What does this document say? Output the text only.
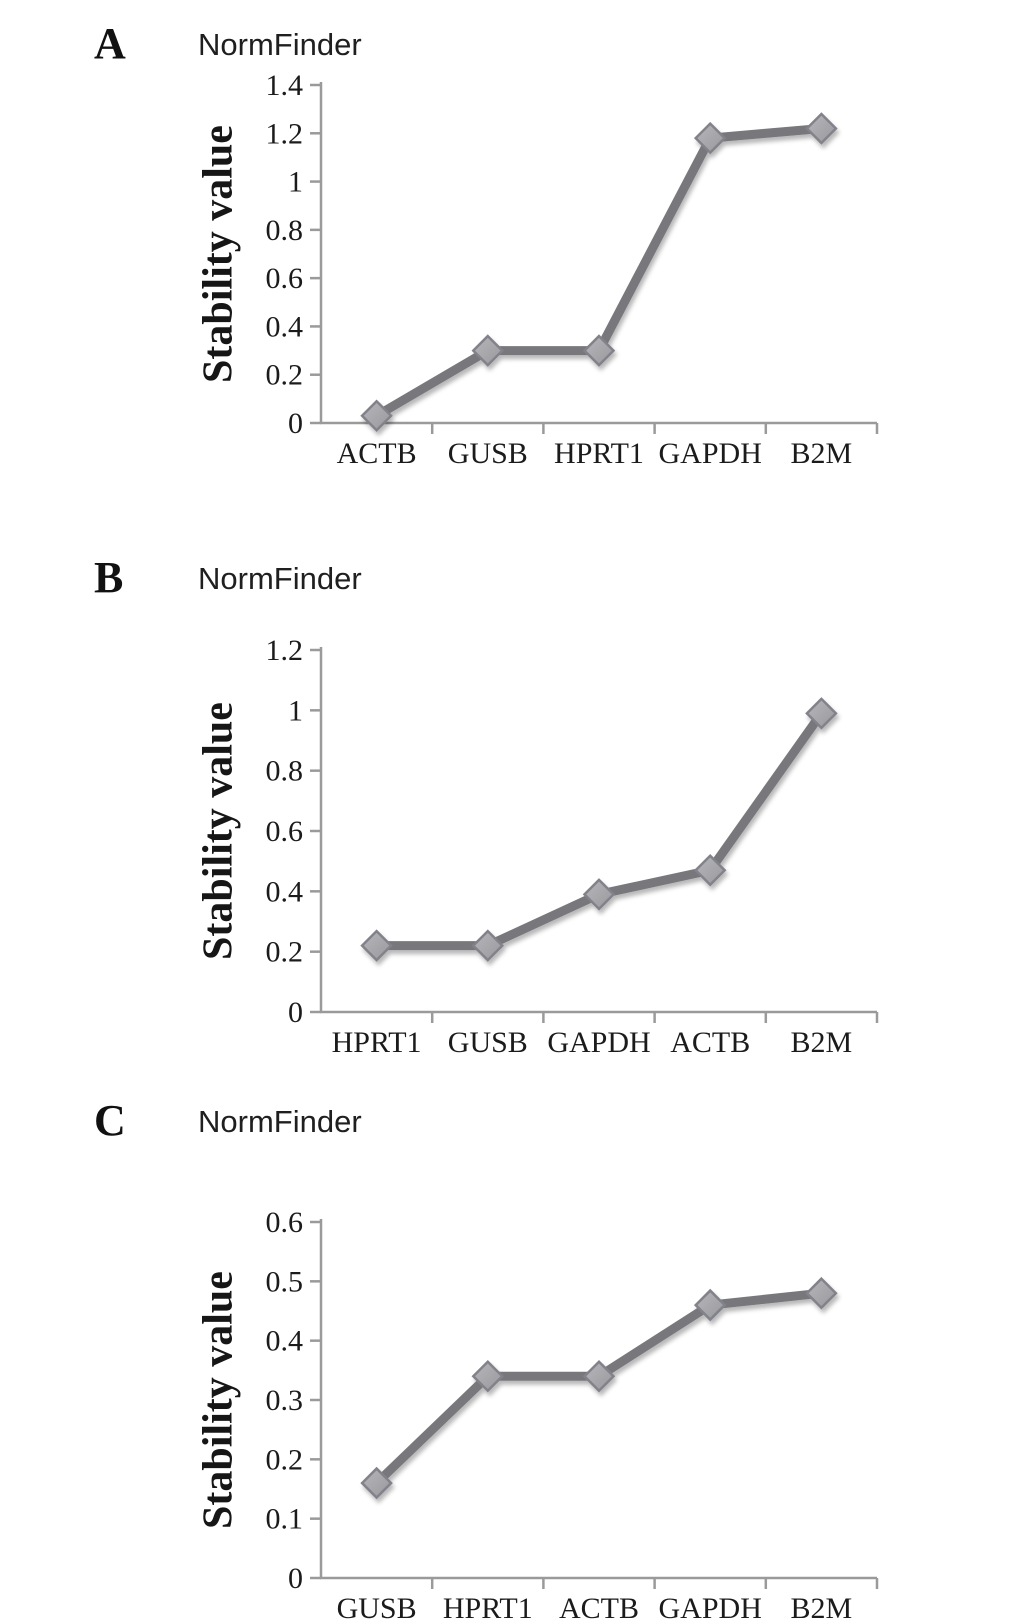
A NormFinder
B NormFinder
C NormFinder
Stability value
0
0.2
0.4
0.6
0.8
1
1.2
1.4
ACTB GUSB HPRT1 GAPDH B2M
Stability value
0
0.2
0.4
0.6
0.8
1
1.2
HPRT1 GUSB GAPDH ACTB B2M
Stability value
0
0.1
0.2
0.3
0.4
0.5
0.6
GUSB HPRT1 ACTB GAPDH B2M
